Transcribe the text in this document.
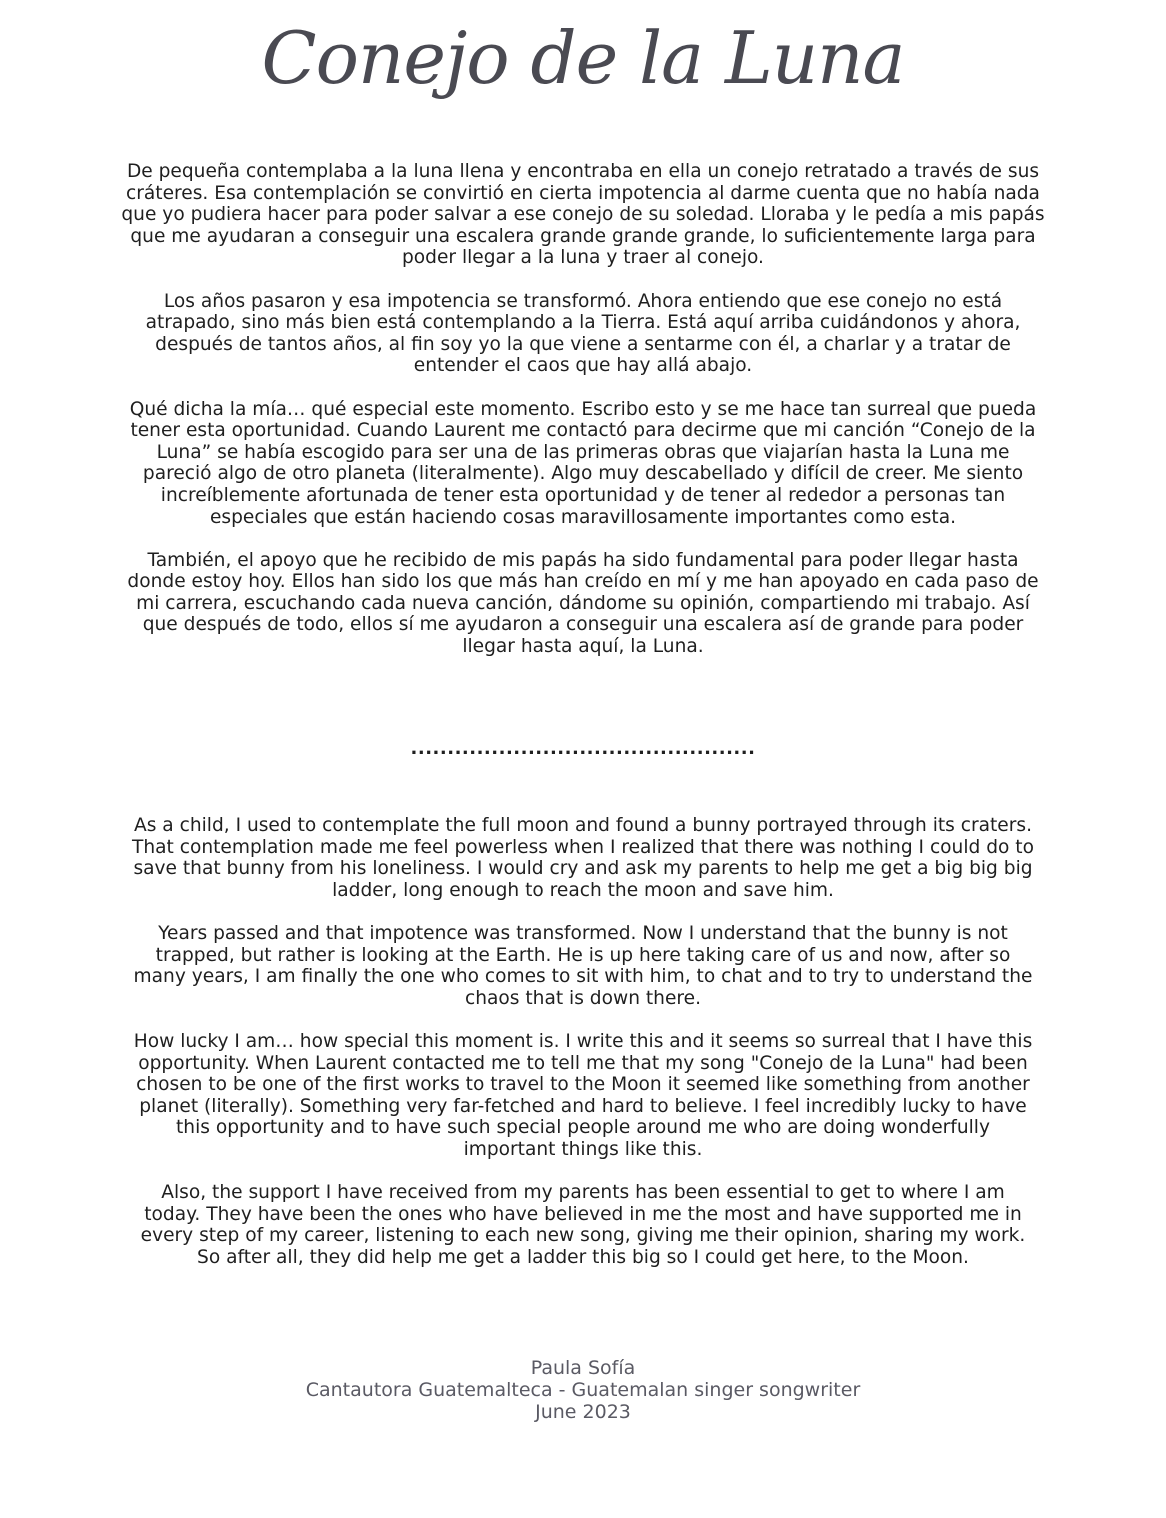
Conejo de la Luna

De pequeña contemplaba a la luna llena y encontraba en ella un conejo retratado a través de sus cráteres. Esa contemplación se convirtió en cierta impotencia al darme cuenta que no había nada que yo pudiera hacer para poder salvar a ese conejo de su soledad. Lloraba y le pedía a mis papás que me ayudaran a conseguir una escalera grande grande grande, lo suficientemente larga para poder llegar a la luna y traer al conejo.

Los años pasaron y esa impotencia se transformó. Ahora entiendo que ese conejo no está atrapado, sino más bien está contemplando a la Tierra. Está aquí arriba cuidándonos y ahora, después de tantos años, al fin soy yo la que viene a sentarme con él, a charlar y a tratar de entender el caos que hay allá abajo.

Qué dicha la mía… qué especial este momento. Escribo esto y se me hace tan surreal que pueda tener esta oportunidad. Cuando Laurent me contactó para decirme que mi canción “Conejo de la Luna” se había escogido para ser una de las primeras obras que viajarían hasta la Luna me pareció algo de otro planeta (literalmente). Algo muy descabellado y difícil de creer. Me siento increíblemente afortunada de tener esta oportunidad y de tener al rededor a personas tan especiales que están haciendo cosas maravillosamente importantes como esta.

También, el apoyo que he recibido de mis papás ha sido fundamental para poder llegar hasta donde estoy hoy. Ellos han sido los que más han creído en mí y me han apoyado en cada paso de mi carrera, escuchando cada nueva canción, dándome su opinión, compartiendo mi trabajo. Así que después de todo, ellos sí me ayudaron a conseguir una escalera así de grande para poder llegar hasta aquí, la Luna.

...............................................

As a child, I used to contemplate the full moon and found a bunny portrayed through its craters. That contemplation made me feel powerless when I realized that there was nothing I could do to save that bunny from his loneliness. I would cry and ask my parents to help me get a big big big ladder, long enough to reach the moon and save him.

Years passed and that impotence was transformed. Now I understand that the bunny is not trapped, but rather is looking at the Earth. He is up here taking care of us and now, after so many years, I am finally the one who comes to sit with him, to chat and to try to understand the chaos that is down there.

How lucky I am… how special this moment is. I write this and it seems so surreal that I have this opportunity. When Laurent contacted me to tell me that my song "Conejo de la Luna" had been chosen to be one of the first works to travel to the Moon it seemed like something from another planet (literally). Something very far-fetched and hard to believe. I feel incredibly lucky to have this opportunity and to have such special people around me who are doing wonderfully important things like this.

Also, the support I have received from my parents has been essential to get to where I am today. They have been the ones who have believed in me the most and have supported me in every step of my career, listening to each new song, giving me their opinion, sharing my work. So after all, they did help me get a ladder this big so I could get here, to the Moon.

Paula Sofía
Cantautora Guatemalteca - Guatemalan singer songwriter
June 2023
